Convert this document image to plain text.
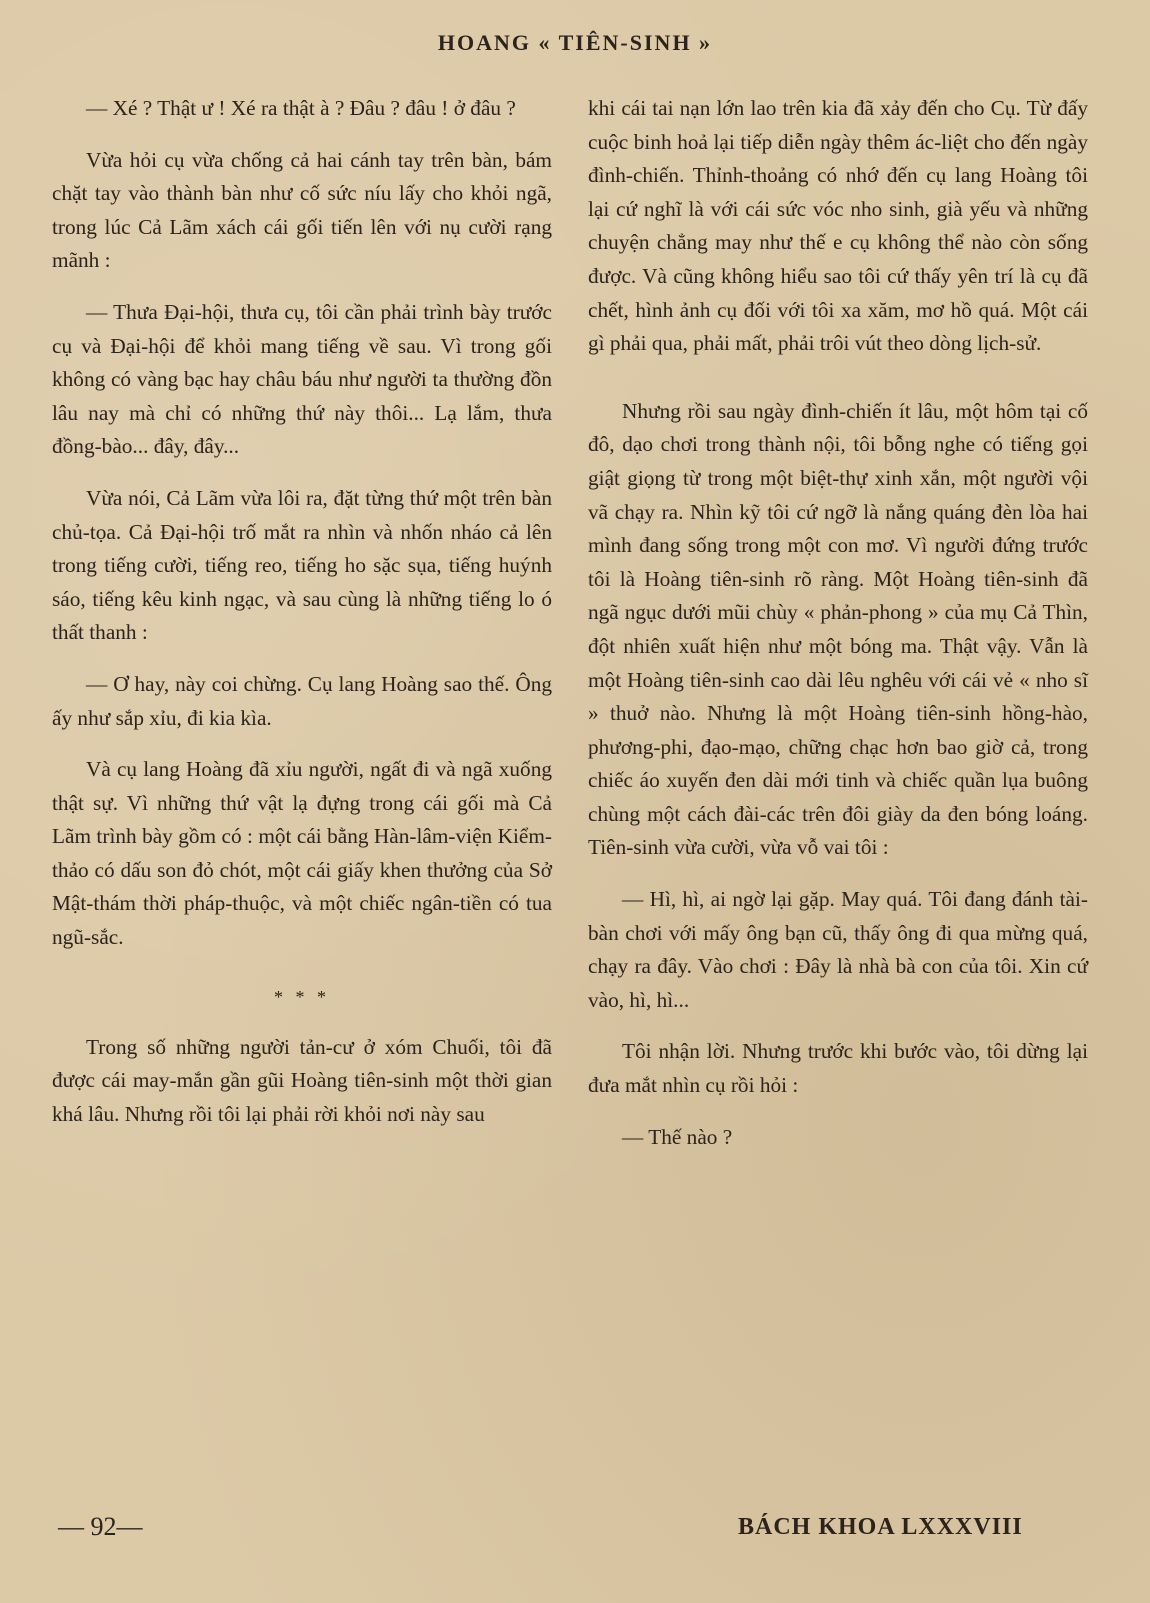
HOANG « TIÊN-SINH »

— Xé ? Thật ư ! Xé ra thật à ? Đâu ? đâu ! ở đâu ?

Vừa hỏi cụ vừa chống cả hai cánh tay trên bàn, bám chặt tay vào thành bàn như cố sức níu lấy cho khỏi ngã, trong lúc Cả Lãm xách cái gối tiến lên với nụ cười rạng mãnh :

— Thưa Đại-hội, thưa cụ, tôi cần phải trình bày trước cụ và Đại-hội để khỏi mang tiếng về sau. Vì trong gối không có vàng bạc hay châu báu như người ta thường đồn lâu nay mà chỉ có những thứ này thôi... Lạ lắm, thưa đồng-bào... đây, đây...

Vừa nói, Cả Lãm vừa lôi ra, đặt từng thứ một trên bàn chủ-tọa. Cả Đại-hội trố mắt ra nhìn và nhốn nháo cả lên trong tiếng cười, tiếng reo, tiếng ho sặc sụa, tiếng huýnh sáo, tiếng kêu kinh ngạc, và sau cùng là những tiếng lo ó thất thanh :

— Ơ hay, này coi chừng. Cụ lang Hoàng sao thế. Ông ấy như sắp xỉu, đi kia kìa.

Và cụ lang Hoàng đã xỉu người, ngất đi và ngã xuống thật sự. Vì những thứ vật lạ đựng trong cái gối mà Cả Lãm trình bày gồm có : một cái bằng Hàn-lâm-viện Kiểm-thảo có dấu son đỏ chót, một cái giấy khen thưởng của Sở Mật-thám thời pháp-thuộc, và một chiếc ngân-tiền có tua ngũ-sắc.

* * *

Trong số những người tản-cư ở xóm Chuối, tôi đã được cái may-mắn gần gũi Hoàng tiên-sinh một thời gian khá lâu. Nhưng rồi tôi lại phải rời khỏi nơi này sau

khi cái tai nạn lớn lao trên kia đã xảy đến cho Cụ. Từ đấy cuộc binh hoả lại tiếp diễn ngày thêm ác-liệt cho đến ngày đình-chiến. Thỉnh-thoảng có nhớ đến cụ lang Hoàng tôi lại cứ nghĩ là với cái sức vóc nho sinh, già yếu và những chuyện chẳng may như thế e cụ không thể nào còn sống được. Và cũng không hiểu sao tôi cứ thấy yên trí là cụ đã chết, hình ảnh cụ đối với tôi xa xăm, mơ hồ quá. Một cái gì phải qua, phải mất, phải trôi vút theo dòng lịch-sử.

Nhưng rồi sau ngày đình-chiến ít lâu, một hôm tại cố đô, dạo chơi trong thành nội, tôi bỗng nghe có tiếng gọi giật giọng từ trong một biệt-thự xinh xắn, một người vội vã chạy ra. Nhìn kỹ tôi cứ ngỡ là nắng quáng đèn lòa hai mình đang sống trong một con mơ. Vì người đứng trước tôi là Hoàng tiên-sinh rõ ràng. Một Hoàng tiên-sinh đã ngã ngục dưới mũi chùy « phản-phong » của mụ Cả Thìn, đột nhiên xuất hiện như một bóng ma. Thật vậy. Vẫn là một Hoàng tiên-sinh cao dài lêu nghêu với cái vẻ « nho sĩ » thuở nào. Nhưng là một Hoàng tiên-sinh hồng-hào, phương-phi, đạo-mạo, chững chạc hơn bao giờ cả, trong chiếc áo xuyến đen dài mới tinh và chiếc quần lụa buông chùng một cách đài-các trên đôi giày da đen bóng loáng. Tiên-sinh vừa cười, vừa vỗ vai tôi :

— Hì, hì, ai ngờ lại gặp. May quá. Tôi đang đánh tài-bàn chơi với mấy ông bạn cũ, thấy ông đi qua mừng quá, chạy ra đây. Vào chơi : Đây là nhà bà con của tôi. Xin cứ vào, hì, hì...

Tôi nhận lời. Nhưng trước khi bước vào, tôi dừng lại đưa mắt nhìn cụ rồi hỏi :

— Thế nào ?

— 92—	BÁCH KHOA LXXXVIII
